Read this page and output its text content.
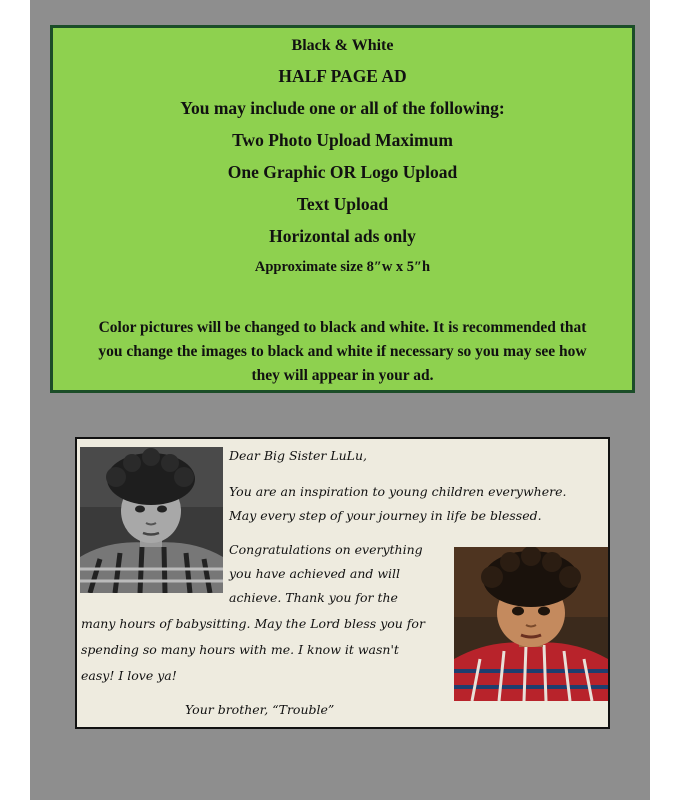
Black & White
HALF PAGE AD
You may include one or all of the following:
Two Photo Upload Maximum
One Graphic OR Logo Upload
Text Upload
Horizontal ads only
Approximate size 8″w x 5″h
Color pictures will be changed to black and white. It is recommended that
you change the images to black and white if necessary so you may see how
they will appear in your ad.
Dear Big Sister LuLu,
You are an inspiration to young children everywhere.
May every step of your journey in life be blessed.
Congratulations on everything
you have achieved and will
achieve. Thank you for the
many hours of babysitting. May the Lord bless you for
spending so many hours with me. I know it wasn't
easy! I love ya!
Your brother, “Trouble”
